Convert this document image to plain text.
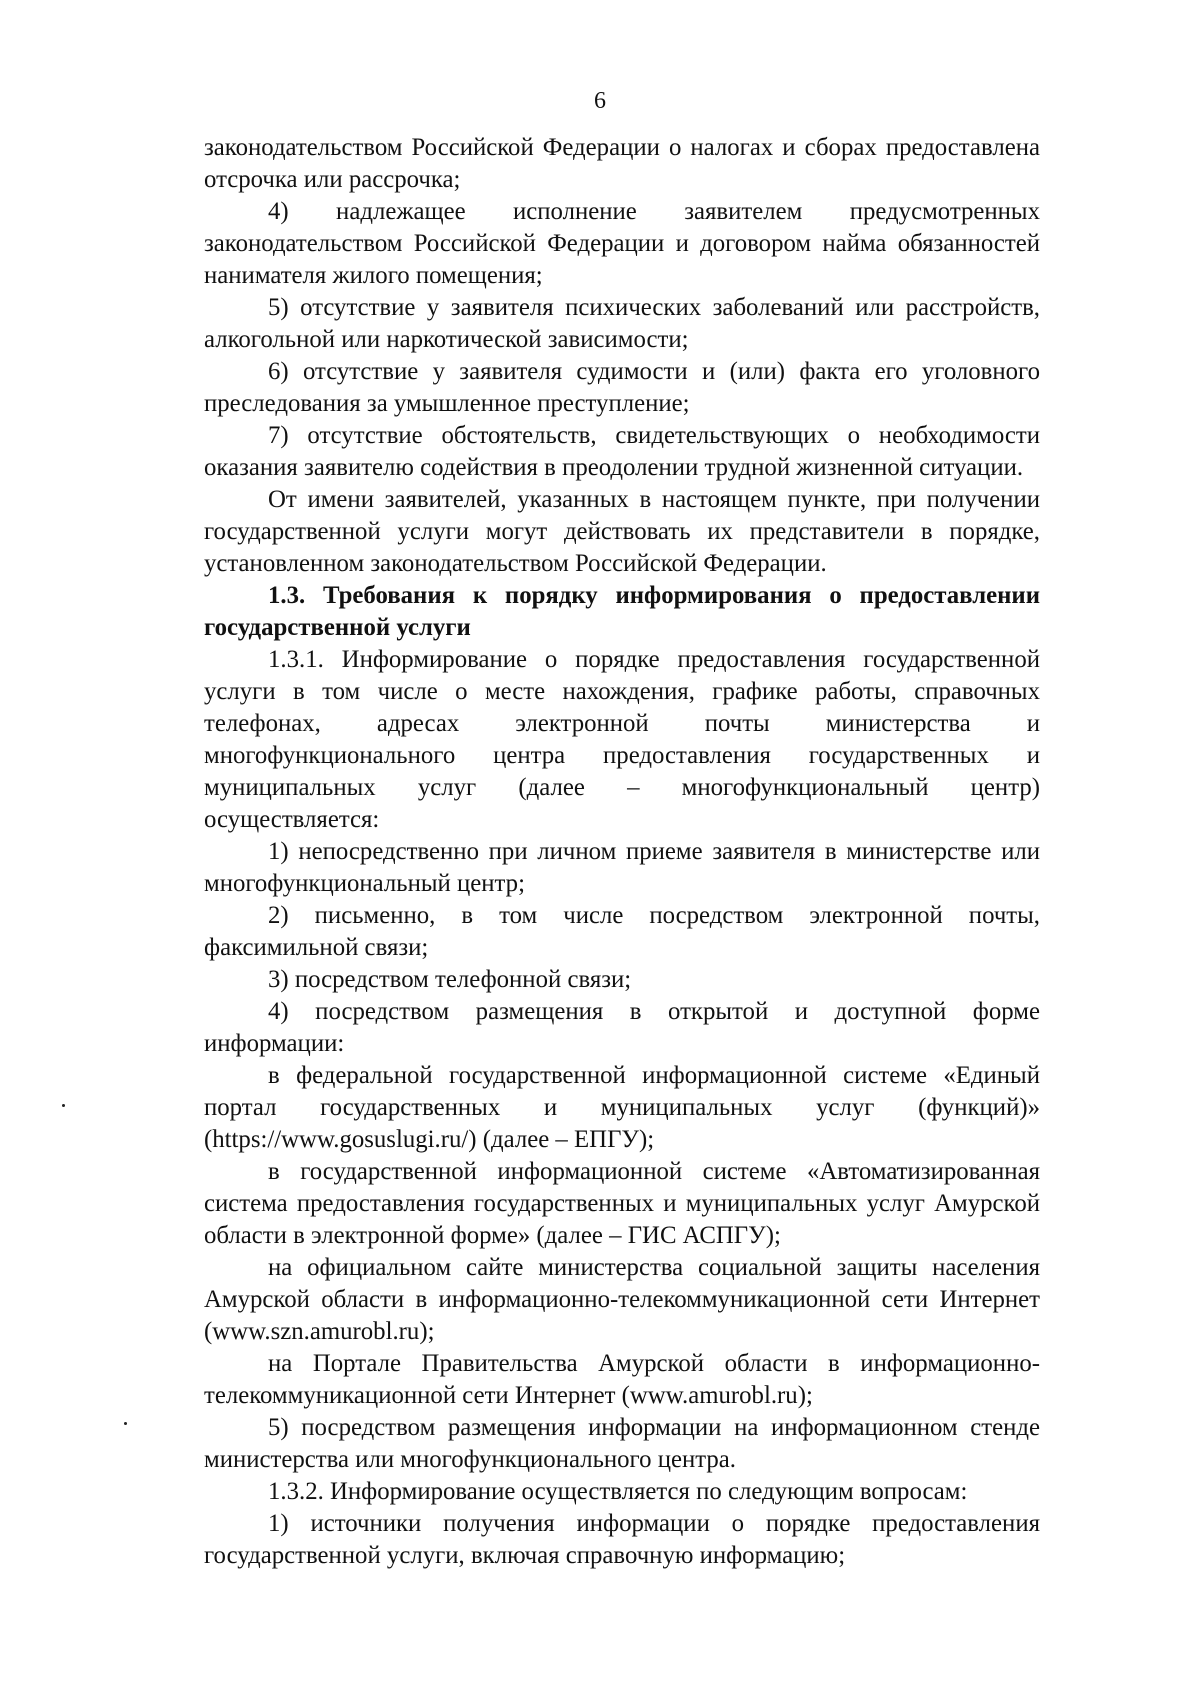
6

законодательством Российской Федерации о налогах и сборах предоставлена отсрочка или рассрочка;

4) надлежащее исполнение заявителем предусмотренных законодательством Российской Федерации и договором найма обязанностей нанимателя жилого помещения;

5) отсутствие у заявителя психических заболеваний или расстройств, алкогольной или наркотической зависимости;

6) отсутствие у заявителя судимости и (или) факта его уголовного преследования за умышленное преступление;

7) отсутствие обстоятельств, свидетельствующих о необходимости оказания заявителю содействия в преодолении трудной жизненной ситуации.

От имени заявителей, указанных в настоящем пункте, при получении государственной услуги могут действовать их представители в порядке, установленном законодательством Российской Федерации.

1.3. Требования к порядку информирования о предоставлении государственной услуги

1.3.1. Информирование о порядке предоставления государственной услуги в том числе о месте нахождения, графике работы, справочных телефонах, адресах электронной почты министерства и многофункционального центра предоставления государственных и муниципальных услуг (далее – многофункциональный центр) осуществляется:

1) непосредственно при личном приеме заявителя в министерстве или многофункциональный центр;

2) письменно, в том числе посредством электронной почты, факсимильной связи;

3) посредством телефонной связи;

4) посредством размещения в открытой и доступной форме информации:

в федеральной государственной информационной системе «Единый портал государственных и муниципальных услуг (функций)» (https://www.gosuslugi.ru/) (далее – ЕПГУ);

в государственной информационной системе «Автоматизированная система предоставления государственных и муниципальных услуг Амурской области в электронной форме» (далее – ГИС АСПГУ);

на официальном сайте министерства социальной защиты населения Амурской области в информационно-телекоммуникационной сети Интернет (www.szn.amurobl.ru);

на Портале Правительства Амурской области в информационно-телекоммуникационной сети Интернет (www.amurobl.ru);

5) посредством размещения информации на информационном стенде министерства или многофункционального центра.

1.3.2. Информирование осуществляется по следующим вопросам:

1) источники получения информации о порядке предоставления государственной услуги, включая справочную информацию;
